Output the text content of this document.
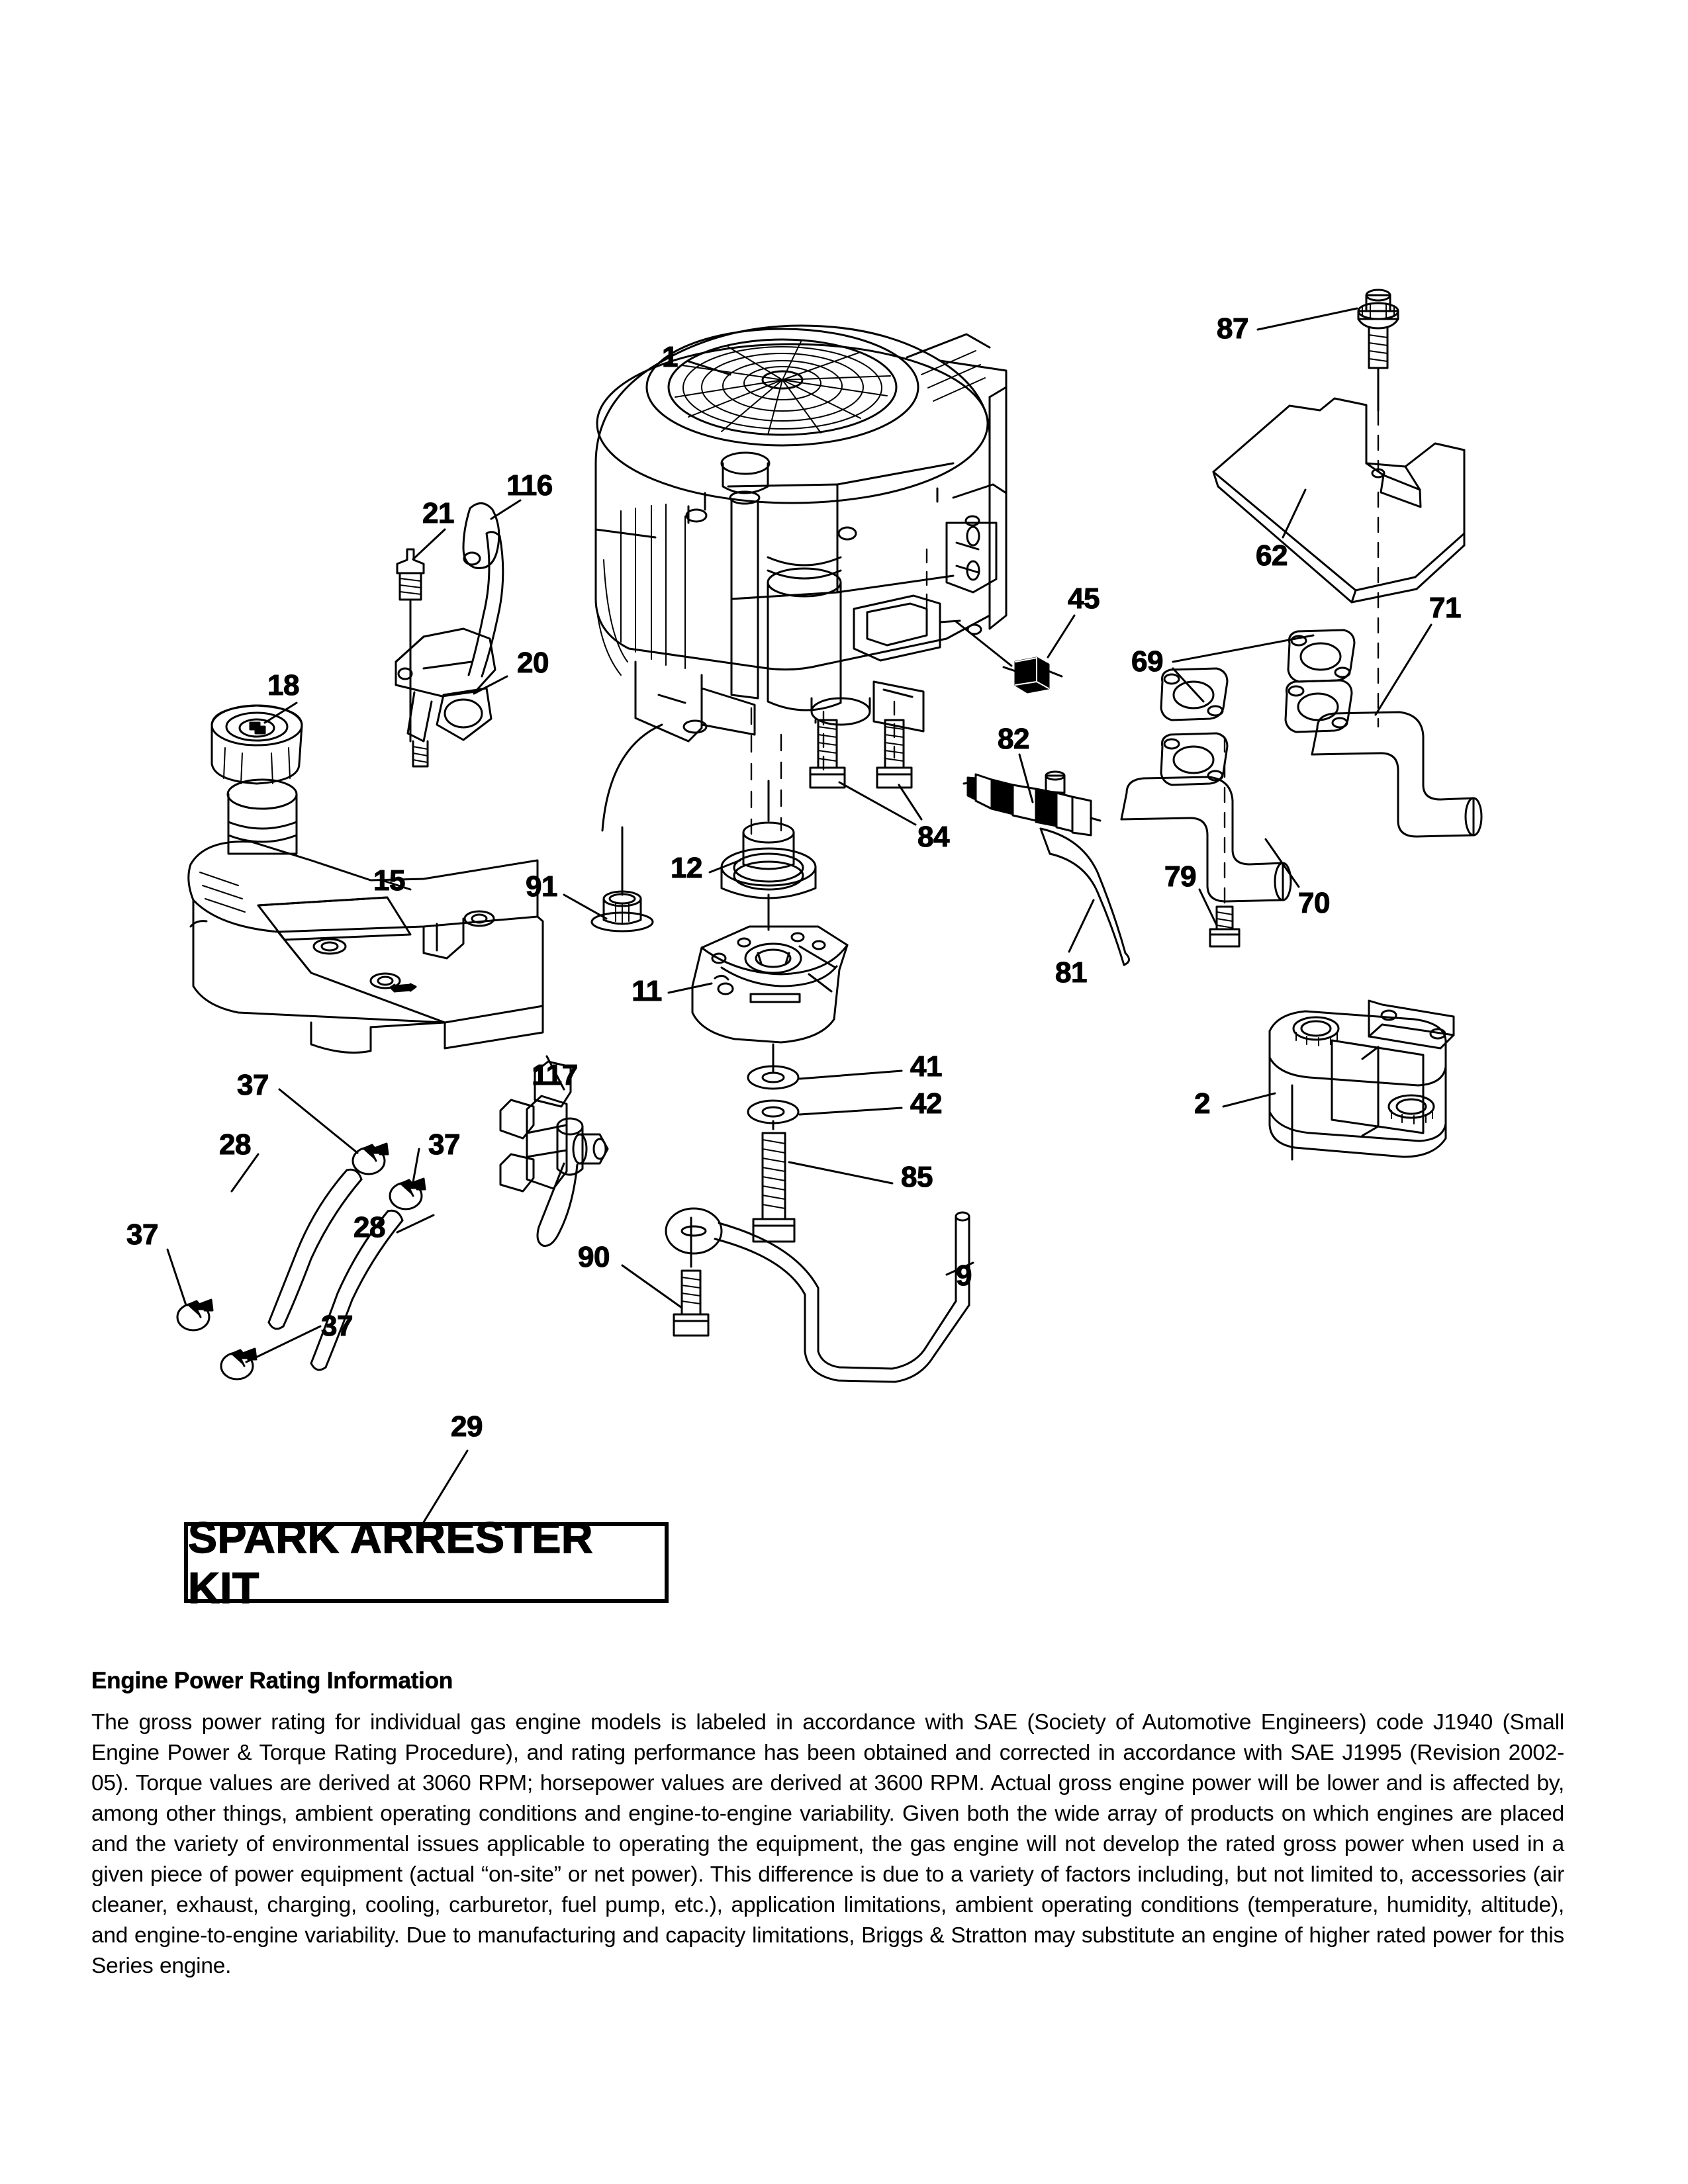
1
87
116
21
62
20
45	71
69
18
82
15
84
79
70
91
12
11
81
2
41
42
117
37
37
28
85
28
37
90
9
37
29
SPARK ARRESTER KIT
Engine Power Rating Information

The gross power rating for individual gas engine models is labeled in accordance with SAE (Society of Automotive Engineers) code J1940 (Small Engine Power & Torque Rating Procedure), and rating performance has been obtained and corrected in accordance with SAE J1995 (Revision 2002-05). Torque values are derived at 3060 RPM; horsepower values are derived at 3600 RPM. Actual gross engine power will be lower and is affected by, among other things, ambient operating conditions and engine-to-engine variability. Given both the wide array of products on which engines are placed and the variety of environmental issues applicable to operating the equipment, the gas engine will not develop the rated gross power when used in a given piece of power equipment (actual “on-site” or net power). This difference is due to a variety of factors including, but not limited to, accessories (air cleaner, exhaust, charging, cooling, carburetor, fuel pump, etc.), application limitations, ambient operating conditions (temperature, humidity, altitude), and engine-to-engine variability. Due to manufacturing and capacity limitations, Briggs & Stratton may substitute an engine of higher rated power for this Series engine.
